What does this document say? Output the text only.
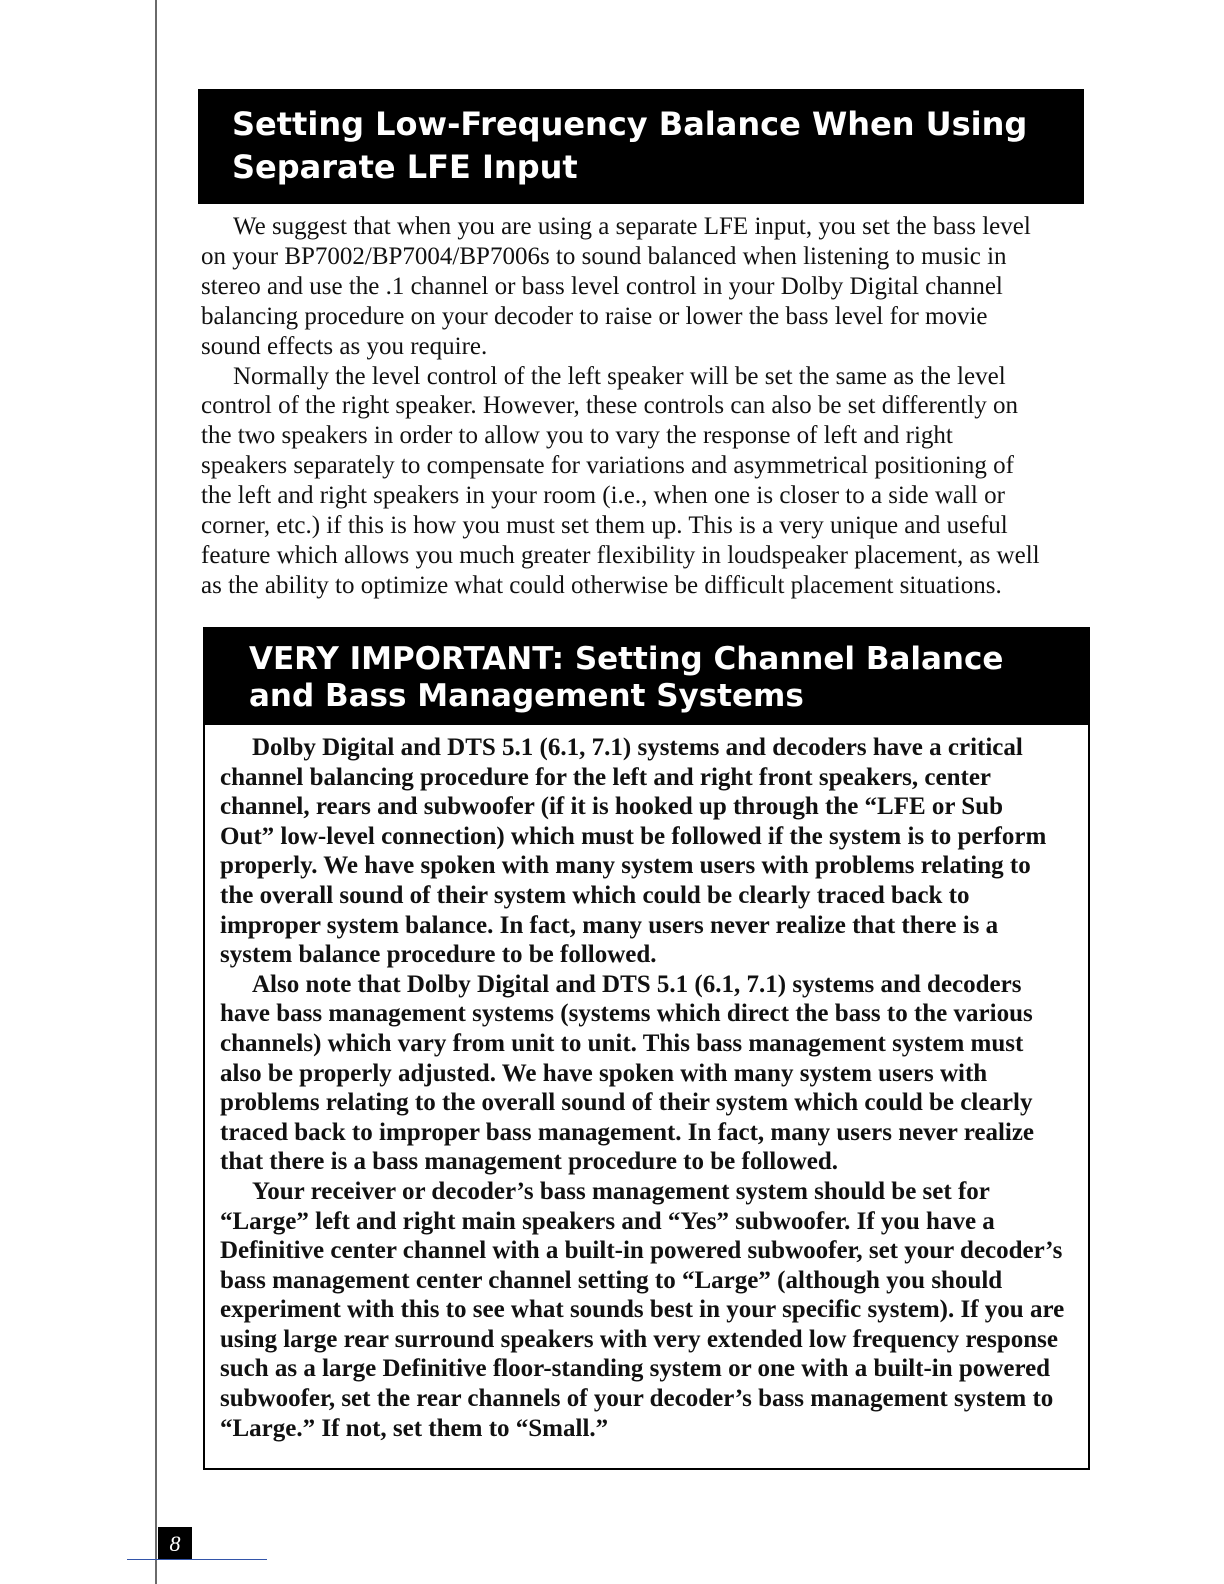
Setting Low-Frequency Balance When Using
Separate LFE Input

We suggest that when you are using a separate LFE input, you set the bass level
on your BP7002/BP7004/BP7006s to sound balanced when listening to music in
stereo and use the .1 channel or bass level control in your Dolby Digital channel
balancing procedure on your decoder to raise or lower the bass level for movie
sound effects as you require.

Normally the level control of the left speaker will be set the same as the level
control of the right speaker. However, these controls can also be set differently on
the two speakers in order to allow you to vary the response of left and right
speakers separately to compensate for variations and asymmetrical positioning of
the left and right speakers in your room (i.e., when one is closer to a side wall or
corner, etc.) if this is how you must set them up. This is a very unique and useful
feature which allows you much greater flexibility in loudspeaker placement, as well
as the ability to optimize what could otherwise be difficult placement situations.

VERY IMPORTANT: Setting Channel Balance
and Bass Management Systems

Dolby Digital and DTS 5.1 (6.1, 7.1) systems and decoders have a critical
channel balancing procedure for the left and right front speakers, center
channel, rears and subwoofer (if it is hooked up through the “LFE or Sub
Out” low-level connection) which must be followed if the system is to perform
properly. We have spoken with many system users with problems relating to
the overall sound of their system which could be clearly traced back to
improper system balance. In fact, many users never realize that there is a
system balance procedure to be followed.

Also note that Dolby Digital and DTS 5.1 (6.1, 7.1) systems and decoders
have bass management systems (systems which direct the bass to the various
channels) which vary from unit to unit. This bass management system must
also be properly adjusted. We have spoken with many system users with
problems relating to the overall sound of their system which could be clearly
traced back to improper bass management. In fact, many users never realize
that there is a bass management procedure to be followed.

Your receiver or decoder’s bass management system should be set for
“Large” left and right main speakers and “Yes” subwoofer. If you have a
Definitive center channel with a built-in powered subwoofer, set your decoder’s
bass management center channel setting to “Large” (although you should
experiment with this to see what sounds best in your specific system). If you are
using large rear surround speakers with very extended low frequency response
such as a large Definitive floor-standing system or one with a built-in powered
subwoofer, set the rear channels of your decoder’s bass management system to
“Large.” If not, set them to “Small.”

8
